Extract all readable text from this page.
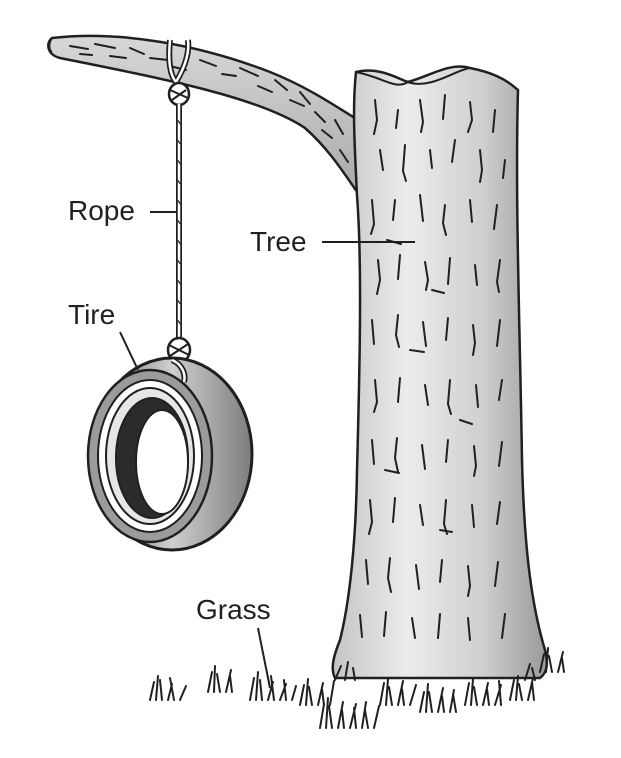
Rope
Tree
Tire
Grass
